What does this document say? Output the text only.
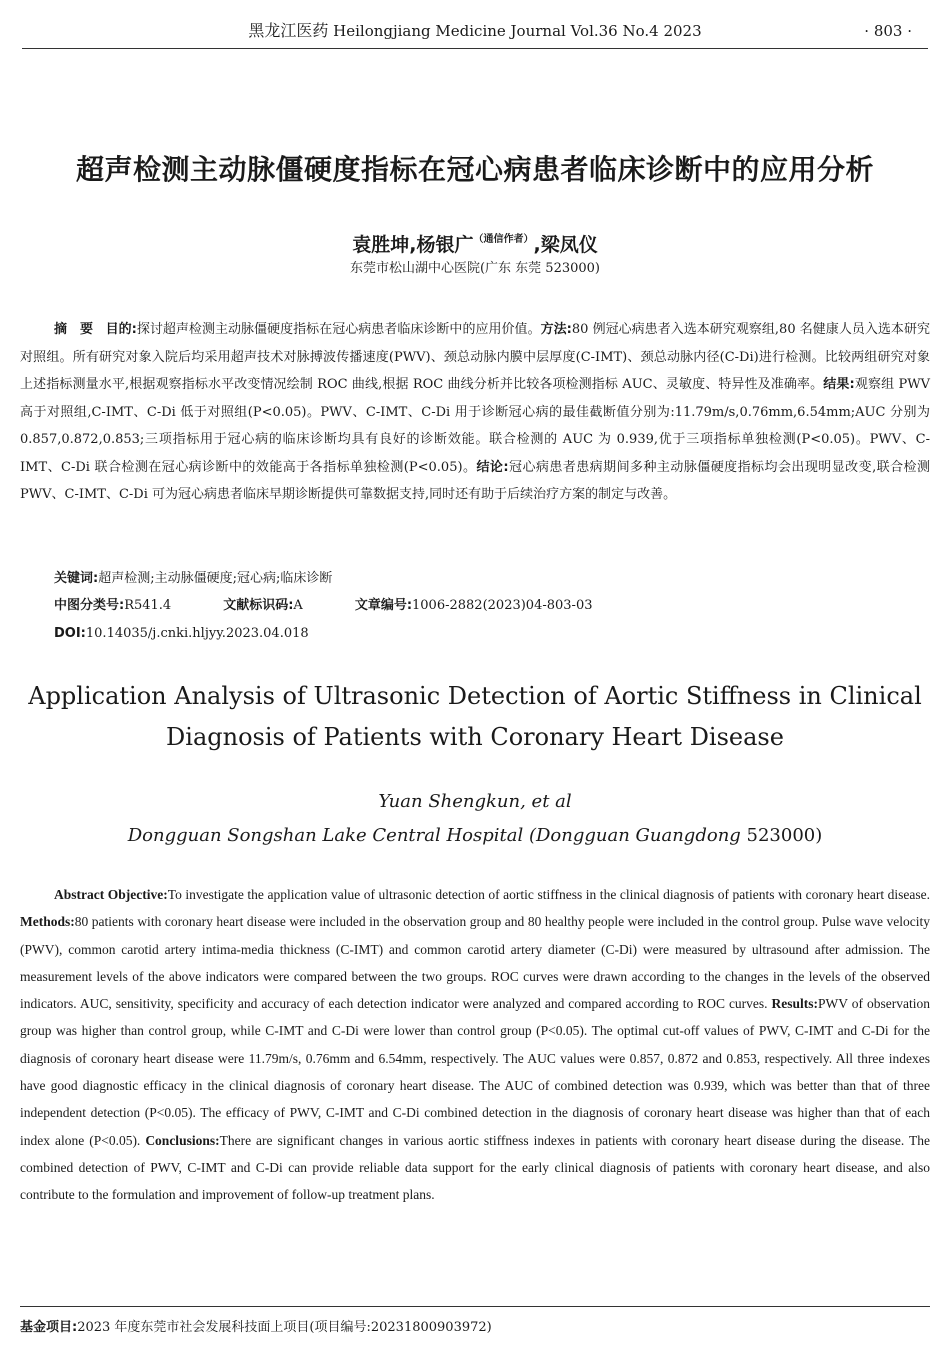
黑龙江医药 Heilongjiang Medicine Journal Vol.36 No.4 2023	· 803 ·
超声检测主动脉僵硬度指标在冠心病患者临床诊断中的应用分析
袁胜坤,杨银广$^{(通信作者)}$,梁凤仪
东莞市松山湖中心医院(广东 东莞 523000)

摘　要 目的:探讨超声检测主动脉僵硬度指标在冠心病患者临床诊断中的应用价值。方法:80 例冠心病患者入选本研究观察组,80 名健康人员入选本研究对照组。所有研究对象入院后均采用超声技术对脉搏波传播速度(PWV)、颈总动脉内膜中层厚度(C-IMT)、颈总动脉内径(C-Di)进行检测。比较两组研究对象上述指标测量水平,根据观察指标水平改变情况绘制 ROC 曲线,根据 ROC 曲线分析并比较各项检测指标 AUC、灵敏度、特异性及准确率。结果:观察组 PWV 高于对照组,C-IMT、C-Di 低于对照组(P<0.05)。PWV、C-IMT、C-Di 用于诊断冠心病的最佳截断值分别为:11.79m/s,0.76mm,6.54mm;AUC 分别为 0.857,0.872,0.853;三项指标用于冠心病的临床诊断均具有良好的诊断效能。联合检测的 AUC 为 0.939,优于三项指标单独检测(P<0.05)。PWV、C-IMT、C-Di 联合检测在冠心病诊断中的效能高于各指标单独检测(P<0.05)。结论:冠心病患者患病期间多种主动脉僵硬度指标均会出现明显改变,联合检测 PWV、C-IMT、C-Di 可为冠心病患者临床早期诊断提供可靠数据支持,同时还有助于后续治疗方案的制定与改善。

关键词:超声检测;主动脉僵硬度;冠心病;临床诊断
中图分类号:R541.4	文献标识码:A	文章编号:1006-2882(2023)04-803-03
DOI:10.14035/j.cnki.hljyy.2023.04.018
Application Analysis of Ultrasonic Detection of Aortic Stiffness in Clinical
Diagnosis of Patients with Coronary Heart Disease
Yuan Shengkun, et al
Dongguan Songshan Lake Central Hospital (Dongguan Guangdong 523000)

Abstract Objective:To investigate the application value of ultrasonic detection of aortic stiffness in the clinical diagnosis of patients with coronary heart disease. Methods:80 patients with coronary heart disease were included in the observation group and 80 healthy people were included in the control group. Pulse wave velocity (PWV), common carotid artery intima-media thickness (C-IMT) and common carotid artery diameter (C-Di) were measured by ultrasound after admission. The measurement levels of the above indicators were compared between the two groups. ROC curves were drawn according to the changes in the levels of the observed indicators. AUC, sensitivity, specificity and accuracy of each detection indicator were analyzed and compared according to ROC curves. Results:PWV of observation group was higher than control group, while C-IMT and C-Di were lower than control group (P<0.05). The optimal cut-off values of PWV, C-IMT and C-Di for the diagnosis of coronary heart disease were 11.79m/s, 0.76mm and 6.54mm, respectively. The AUC values were 0.857, 0.872 and 0.853, respectively. All three indexes have good diagnostic efficacy in the clinical diagnosis of coronary heart disease. The AUC of combined detection was 0.939, which was better than that of three independent detection (P<0.05). The efficacy of PWV, C-IMT and C-Di combined detection in the diagnosis of coronary heart disease was higher than that of each index alone (P<0.05). Conclusions:There are significant changes in various aortic stiffness indexes in patients with coronary heart disease during the disease. The combined detection of PWV, C-IMT and C-Di can provide reliable data support for the early clinical diagnosis of patients with coronary heart disease, and also contribute to the formulation and improvement of follow-up treatment plans.

基金项目:2023 年度东莞市社会发展科技面上项目(项目编号:20231800903972)
